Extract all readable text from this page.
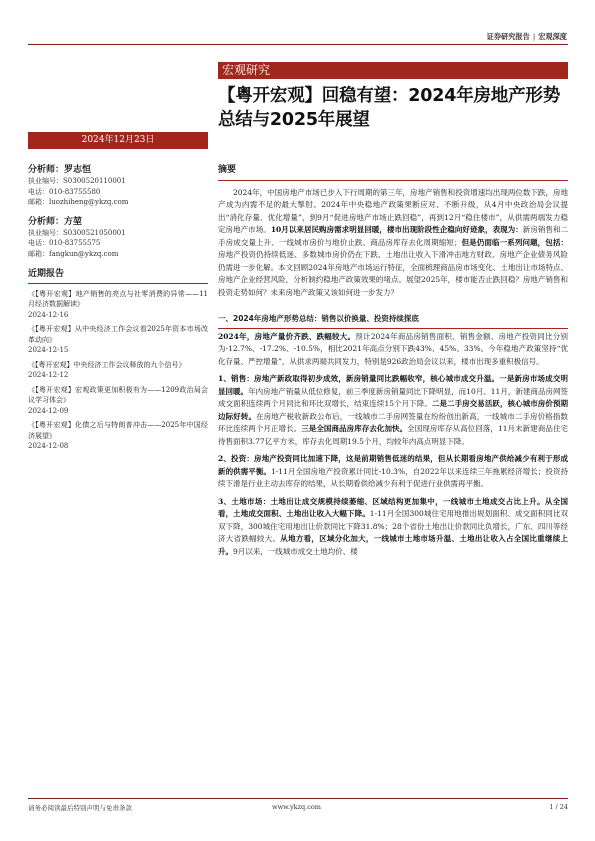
证券研究报告 | 宏观深度
宏观研究
【粤开宏观】回稳有望：2024年房地产形势总结与2025年展望
2024年12月23日
分析师：罗志恒
执业编号：S0300520110001
电话：010-83755580
邮箱：luozhiheng@ykzq.com
分析师：方堃
执业编号：S0300521050001
电话：010-83755575
邮箱：fangkun@ykzq.com
近期报告
《【粤开宏观】地产销售的亮点与社零消费的异常——11月经济数据解读》
2024-12-16
《【粤开宏观】从中央经济工作会议看2025年资本市场改革动向》
2024-12-15
《【粤开宏观】中央经济工作会议释放的九个信号》
2024-12-12
《【粤开宏观】宏观政策更加积极有为——1209政治局会议学习体会》
2024-12-09
《【粤开宏观】化债之后与特朗普冲击——2025年中国经济展望》
2024-12-08
摘要

2024年，中国房地产市场已步入下行周期的第三年，房地产销售和投资增速均出现两位数下跌，房地产成为内需不足的最大掣肘。2024年中央稳地产政策果断应对、不断升级，从4月中央政治局会议提出“消化存量、优化增量”，到9月“促进房地产市场止跌回稳”，再到12月“稳住楼市”，从供需两端发力稳定房地产市场。10月以来居民购房需求明显回暖，楼市出现阶段性企稳向好迹象，表现为：新房销售和二手房成交量上升、一线城市房价与地价止跌、商品房库存去化周期缩短；但是仍面临一系列问题，包括：房地产投资仍持续低迷、多数城市房价仍在下跌、土地出让收入下滑冲击地方财政、房地产企业债务风险仍需进一步化解。本文回顾2024年房地产市场运行特征，全面梳理商品房市场变化、土地出让市场特点、房地产企业经营风险，分析制约稳地产政策效果的堵点。展望2025年，楼市能否止跌回稳？房地产销售和投资走势如何？未来房地产政策又该如何进一步发力？

一、2024年房地产形势总结：销售以价换量、投资持续探底

2024年，房地产量价齐跌、跌幅较大。预计2024年商品房销售面积、销售金额、房地产投资同比分别为-12.7%、-17.2%、-10.5%，相比2021年高点分别下跌43%、45%、33%。今年稳地产政策坚持“优化存量、严控增量”，从供求两端共同发力，特别是926政治局会议以来，楼市出现多重积极信号。

1、销售：房地产新政取得初步成效，新房销量同比跌幅收窄，核心城市成交升温。一是新房市场成交明显回暖。年内房地产销量从低位修复，前三季度新房销量同比下降明显，而10月、11月，新建商品房网签成交面积连续两个月同比和环比双增长，结束连续15个月下降。二是二手房交易活跃，核心城市房价预期边际好转。在房地产税收新政公布后，一线城市二手房网签量在纷纷创出新高，一线城市二手房价格指数环比连续两个月正增长。三是全国商品房库存去化加快。全国现房库存从高位回落，11月末新建商品住宅待售面积3.77亿平方米，库存去化周期19.5个月，均较年内高点明显下降。

2、投资：房地产投资同比加速下降，这是前期销售低迷的结果，但从长期看房地产供给减少有利于形成新的供需平衡。1-11月全国房地产投资累计同比-10.3%，自2022年以来连续三年拖累经济增长；投资持续下滑是行业主动去库存的结果，从长期看供给减少有利于促进行业供需再平衡。

3、土地市场：土地出让成交规模持续萎缩、区域结构更加集中，一线城市土地成交占比上升。从全国看，土地成交面积、土地出让收入大幅下降。1-11月全国300城住宅用地推出规划面积、成交面积同比双双下降，300城住宅用地出让价款同比下降31.8%；28个省份土地出让价款同比负增长，广东、四川等经济大省跌幅较大。从地方看，区域分化加大，一线城市土地市场升温、土地出让收入占全国比重继续上升。9月以来，一线城市成交土地均价、楼

请务必阅读最后特别声明与免责条款	www.ykzq.com	1 / 24
